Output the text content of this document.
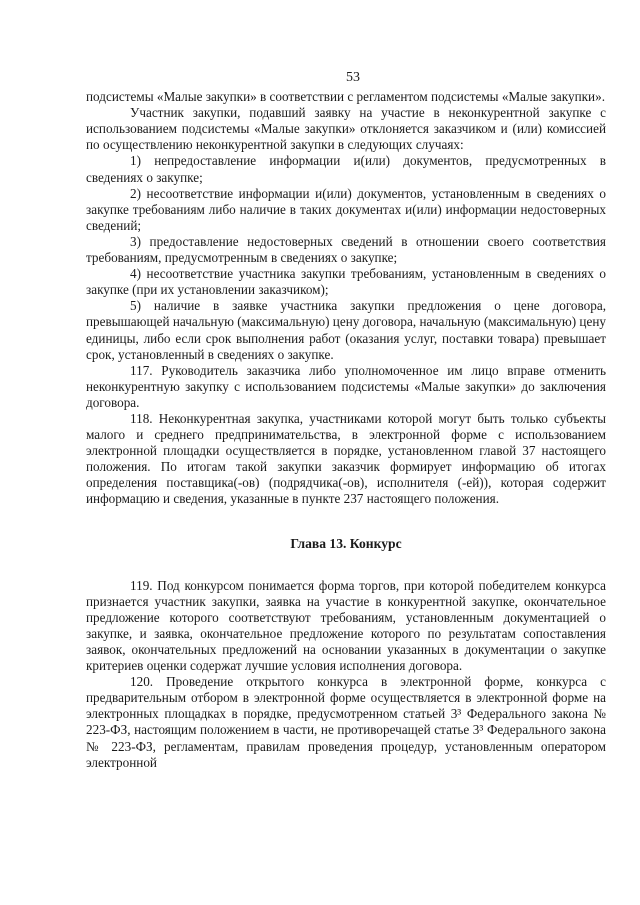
53

подсистемы «Малые закупки» в соответствии с регламентом подсистемы «Малые закупки».

Участник закупки, подавший заявку на участие в неконкурентной закупке с использованием подсистемы «Малые закупки» отклоняется заказчиком и (или) комиссией по осуществлению неконкурентной закупки в следующих случаях:

1) непредоставление информации и(или) документов, предусмотренных в сведениях о закупке;

2) несоответствие информации и(или) документов, установленным в сведениях о закупке требованиям либо наличие в таких документах и(или) информации недостоверных сведений;

3) предоставление недостоверных сведений в отношении своего соответствия требованиям, предусмотренным в сведениях о закупке;

4) несоответствие участника закупки требованиям, установленным в сведениях о закупке (при их установлении заказчиком);

5) наличие в заявке участника закупки предложения о цене договора, превышающей начальную (максимальную) цену договора, начальную (максимальную) цену единицы, либо если срок выполнения работ (оказания услуг, поставки товара) превышает срок, установленный в сведениях о закупке.

117. Руководитель заказчика либо уполномоченное им лицо вправе отменить неконкурентную закупку с использованием подсистемы «Малые закупки» до заключения договора.

118. Неконкурентная закупка, участниками которой могут быть только субъекты малого и среднего предпринимательства, в электронной форме с использованием электронной площадки осуществляется в порядке, установленном главой 37 настоящего положения. По итогам такой закупки заказчик формирует информацию об итогах определения поставщика(-ов) (подрядчика(-ов), исполнителя (-ей)), которая содержит информацию и сведения, указанные в пункте 237 настоящего положения.

Глава 13. Конкурс

119. Под конкурсом понимается форма торгов, при которой победителем конкурса признается участник закупки, заявка на участие в конкурентной закупке, окончательное предложение которого соответствуют требованиям, установленным документацией о закупке, и заявка, окончательное предложение которого по результатам сопоставления заявок, окончательных предложений на основании указанных в документации о закупке критериев оценки содержат лучшие условия исполнения договора.

120. Проведение открытого конкурса в электронной форме, конкурса с предварительным отбором в электронной форме осуществляется в электронной форме на электронных площадках в порядке, предусмотренном статьей 3³ Федерального закона № 223-ФЗ, настоящим положением в части, не противоречащей статье 3³ Федерального закона № 223-ФЗ, регламентам, правилам проведения процедур, установленным оператором электронной
